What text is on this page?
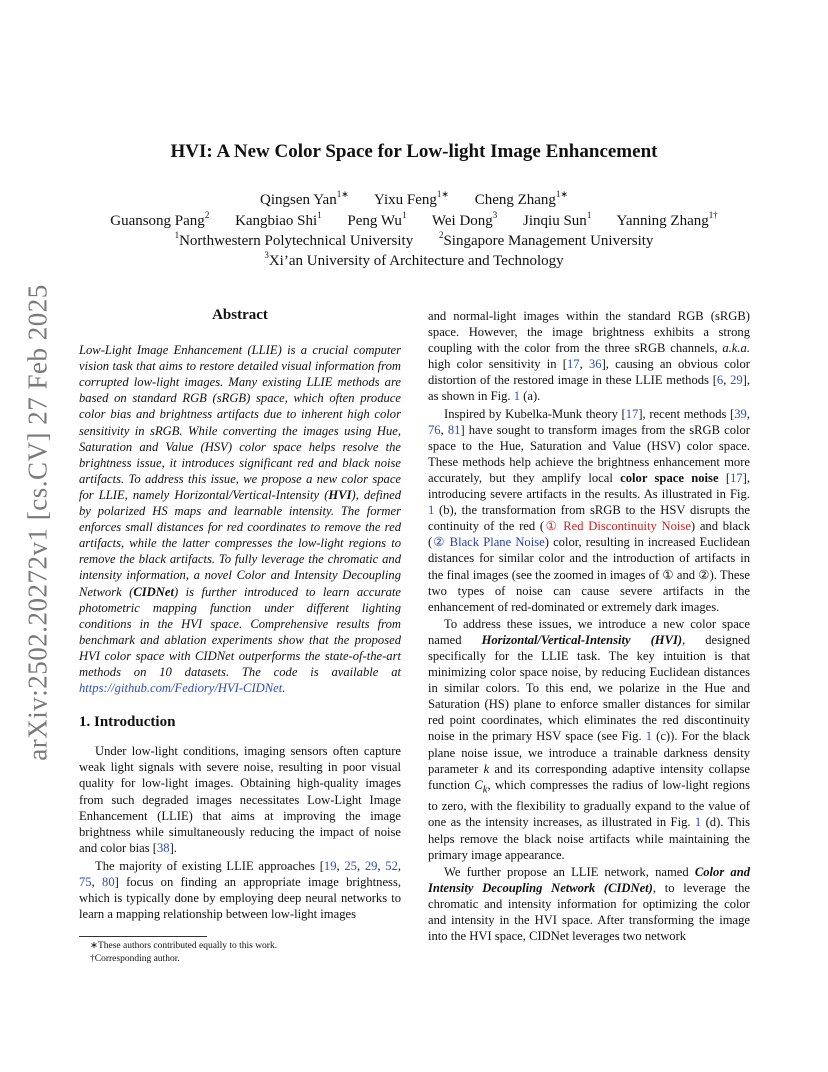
arXiv:2502.20272v1 [cs.CV] 27 Feb 2025
HVI: A New Color Space for Low-light Image Enhancement
Qingsen Yan$^{1∗}$ Yixu Feng$^{1∗}$ Cheng Zhang$^{1∗}$
Guansong Pang$^2$ Kangbiao Shi$^1$ Peng Wu$^1$ Wei Dong$^3$ Jinqiu Sun$^1$ Yanning Zhang$^{1\dagger}$
$^1$Northwestern Polytechnical University	$^2$Singapore Management University
$^3$Xi’an University of Architecture and Technology
Abstract

Low-Light Image Enhancement (LLIE) is a crucial computer vision task that aims to restore detailed visual information from corrupted low-light images. Many existing LLIE methods are based on standard RGB (sRGB) space, which often produce color bias and brightness artifacts due to inherent high color sensitivity in sRGB. While converting the images using Hue, Saturation and Value (HSV) color space helps resolve the brightness issue, it introduces significant red and black noise artifacts. To address this issue, we propose a new color space for LLIE, namely Horizontal/Vertical-Intensity (HVI), defined by polarized HS maps and learnable intensity. The former enforces small distances for red coordinates to remove the red artifacts, while the latter compresses the low-light regions to remove the black artifacts. To fully leverage the chromatic and intensity information, a novel Color and Intensity Decoupling Network (CIDNet) is further introduced to learn accurate photometric mapping function under different lighting conditions in the HVI space. Comprehensive results from benchmark and ablation experiments show that the proposed HVI color space with CIDNet outperforms the state-of-the-art methods on 10 datasets. The code is available at https://github.com/Fediory/HVI-CIDNet.

1. Introduction

Under low-light conditions, imaging sensors often capture weak light signals with severe noise, resulting in poor visual quality for low-light images. Obtaining high-quality images from such degraded images necessitates Low-Light Image Enhancement (LLIE) that aims at improving the image brightness while simultaneously reducing the impact of noise and color bias [38].

The majority of existing LLIE approaches [19, 25, 29, 52, 75, 80] focus on finding an appropriate image brightness, which is typically done by employing deep neural networks to learn a mapping relationship between low-light images

∗These authors contributed equally to this work.
†Corresponding author.

and normal-light images within the standard RGB (sRGB) space. However, the image brightness exhibits a strong coupling with the color from the three sRGB channels, a.k.a. high color sensitivity in [17, 36], causing an obvious color distortion of the restored image in these LLIE methods [6, 29], as shown in Fig. 1 (a).

Inspired by Kubelka-Munk theory [17], recent methods [39, 76, 81] have sought to transform images from the sRGB color space to the Hue, Saturation and Value (HSV) color space. These methods help achieve the brightness enhancement more accurately, but they amplify local color space noise [17], introducing severe artifacts in the results. As illustrated in Fig. 1 (b), the transformation from sRGB to the HSV disrupts the continuity of the red (① Red Discontinuity Noise) and black (② Black Plane Noise) color, resulting in increased Euclidean distances for similar color and the introduction of artifacts in the final images (see the zoomed in images of ① and ②). These two types of noise can cause severe artifacts in the enhancement of red-dominated or extremely dark images.

To address these issues, we introduce a new color space named Horizontal/Vertical-Intensity (HVI), designed specifically for the LLIE task. The key intuition is that minimizing color space noise, by reducing Euclidean distances in similar colors. To this end, we polarize in the Hue and Saturation (HS) plane to enforce smaller distances for similar red point coordinates, which eliminates the red discontinuity noise in the primary HSV space (see Fig. 1 (c)). For the black plane noise issue, we introduce a trainable darkness density parameter k and its corresponding adaptive intensity collapse function $C_k$, which compresses the radius of low-light regions to zero, with the flexibility to gradually expand to the value of one as the intensity increases, as illustrated in Fig. 1 (d). This helps remove the black noise artifacts while maintaining the primary image appearance.

We further propose an LLIE network, named Color and Intensity Decoupling Network (CIDNet), to leverage the chromatic and intensity information for optimizing the color and intensity in the HVI space. After transforming the image into the HVI space, CIDNet leverages two network
